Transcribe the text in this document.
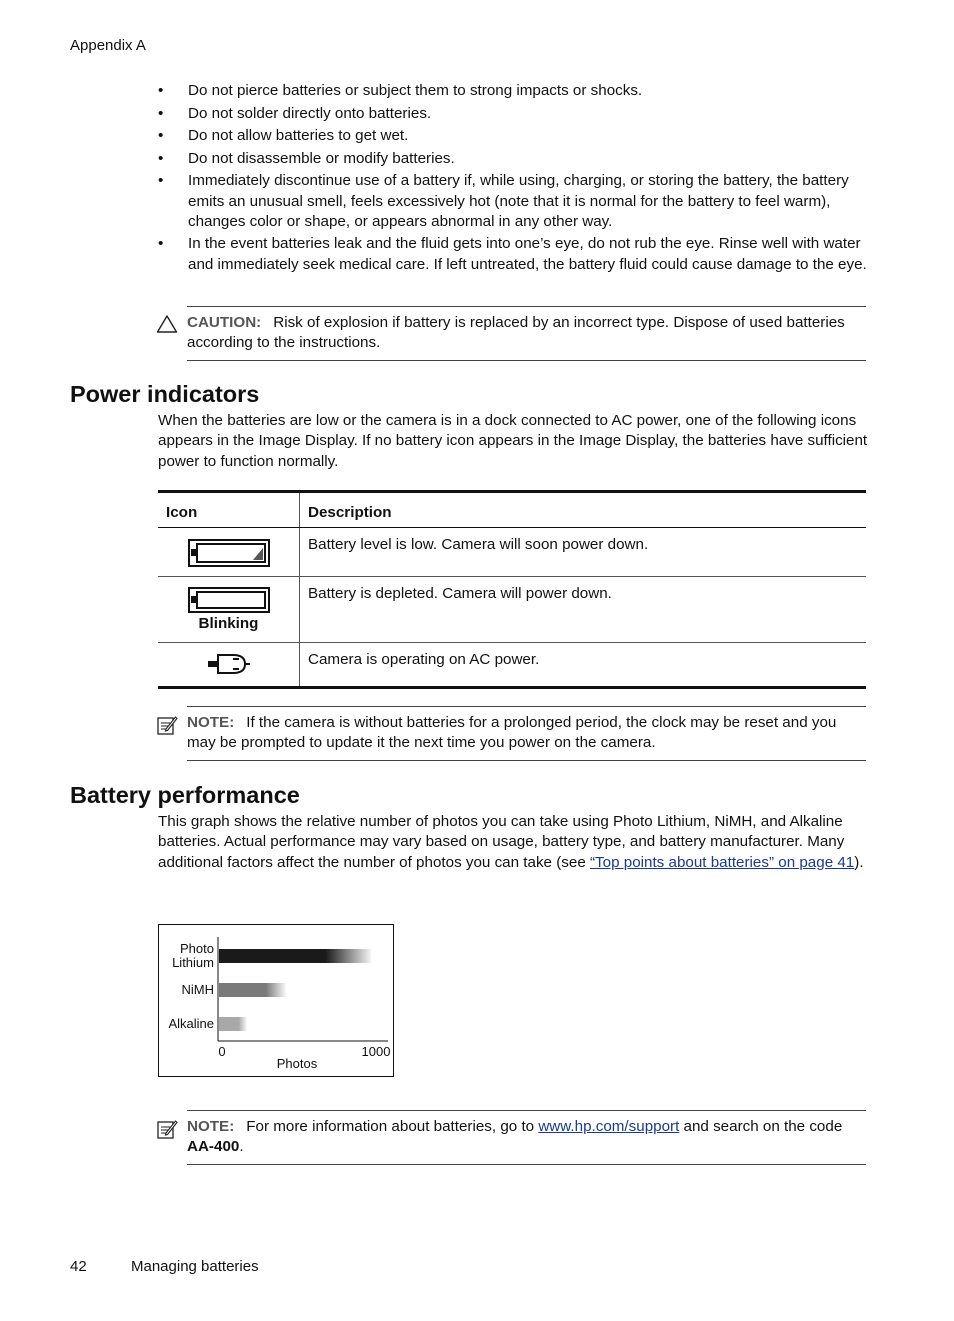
Appendix A
• Do not pierce batteries or subject them to strong impacts or shocks.
• Do not solder directly onto batteries.
• Do not allow batteries to get wet.
• Do not disassemble or modify batteries.
• Immediately discontinue use of a battery if, while using, charging, or storing the battery, the battery emits an unusual smell, feels excessively hot (note that it is normal for the battery to feel warm), changes color or shape, or appears abnormal in any other way.
• In the event batteries leak and the fluid gets into one’s eye, do not rub the eye. Rinse well with water and immediately seek medical care. If left untreated, the battery fluid could cause damage to the eye.
CAUTION: Risk of explosion if battery is replaced by an incorrect type. Dispose of used batteries according to the instructions.
Power indicators
When the batteries are low or the camera is in a dock connected to AC power, one of the following icons appears in the Image Display. If no battery icon appears in the Image Display, the batteries have sufficient power to function normally.
Icon	Description

	Battery level is low. Camera will soon power down.

Blinking	Battery is depleted. Camera will power down.

	Camera is operating on AC power.
NOTE: If the camera is without batteries for a prolonged period, the clock may be reset and you may be prompted to update it the next time you power on the camera.
Battery performance
This graph shows the relative number of photos you can take using Photo Lithium, NiMH, and Alkaline batteries. Actual performance may vary based on usage, battery type, and battery manufacturer. Many additional factors affect the number of photos you can take (see “Top points about batteries” on page 41).
Photo
Lithium
NiMH
Alkaline
0	1000
Photos
NOTE: For more information about batteries, go to www.hp.com/support and search on the code AA-400.
42	Managing batteries
